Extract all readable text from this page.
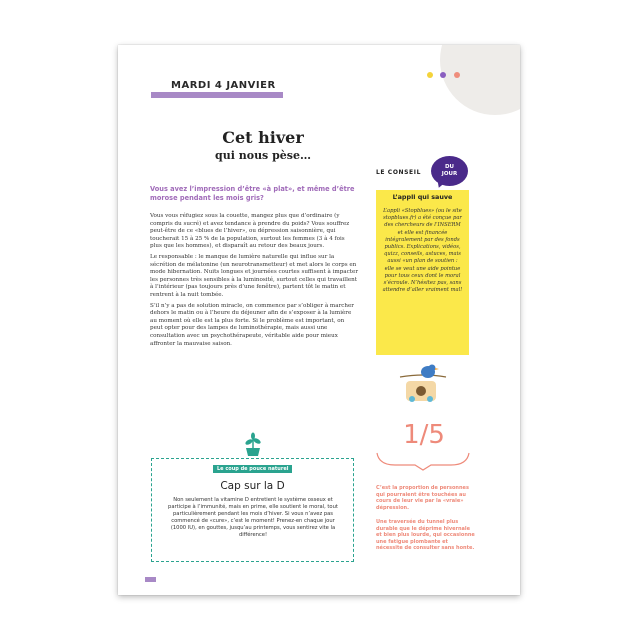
MARDI 4 JANVIER
Cet hiver
qui nous pèse…
Vous avez l’impression d’être «à plat», et même d’être morose pendant les mois gris?

Vous vous réfugiez sous la couette, mangez plus que d’ordinaire (y compris du sucré) et avez tendance à prendre du poids? Vous souffrez peut-être de ce «blues de l’hiver», ou dépression saisonnière, qui toucherait 15 à 25 % de la population, surtout les femmes (3 à 4 fois plus que les hommes), et disparaît au retour des beaux jours.

Le responsable : le manque de lumière naturelle qui influe sur la sécrétion de mélatonine (un neurotransmetteur) et met alors le corps en mode hibernation. Nuits longues et journées courtes suffisent à impacter les personnes très sensibles à la luminosité, surtout celles qui travaillent à l’intérieur (pas toujours près d’une fenêtre), partent tôt le matin et rentrent à la nuit tombée.

S’il n’y a pas de solution miracle, on commence par s’obliger à marcher dehors le matin ou à l’heure du déjeuner afin de s’exposer à la lumière au moment où elle est la plus forte. Si le problème est important, on peut opter pour des lampes de luminothérapie, mais aussi une consultation avec un psychothérapeute, véritable aide pour mieux affronter la mauvaise saison.

LE CONSEIL
DU
JOUR
L’appli qui sauve
L’appli «Stopblues» (ou le site stopblues.fr) a été conçue par des chercheurs de l’INSERM et elle est financée intégralement par des fonds publics. Explications, vidéos, quizz, conseils, astuces, mais aussi «un plan de soutien : elle se veut une aide pointue pour tous ceux dont le moral s’écroule. N’hésitez pas, sans attendre d’aller vraiment mal!
1/5
C’est la proportion de personnes qui pourraient être touchées au cours de leur vie par la «vraie» dépression.
Une traversée du tunnel plus durable que le déprime hivernale et bien plus lourde, qui occasionne une fatigue plombante et nécessite de consulter sans honte.
Le coup de pouce naturel
Cap sur la D
Non seulement la vitamine D entretient le système osseux et participe à l’immunité, mais en prime, elle soutient le moral, tout particulièrement pendant les mois d’hiver. Si vous n’avez pas commencé de «cure», c’est le moment! Prenez-en chaque jour (1000 IU), en gouttes, jusqu’au printemps, vous sentirez vite la différence!
